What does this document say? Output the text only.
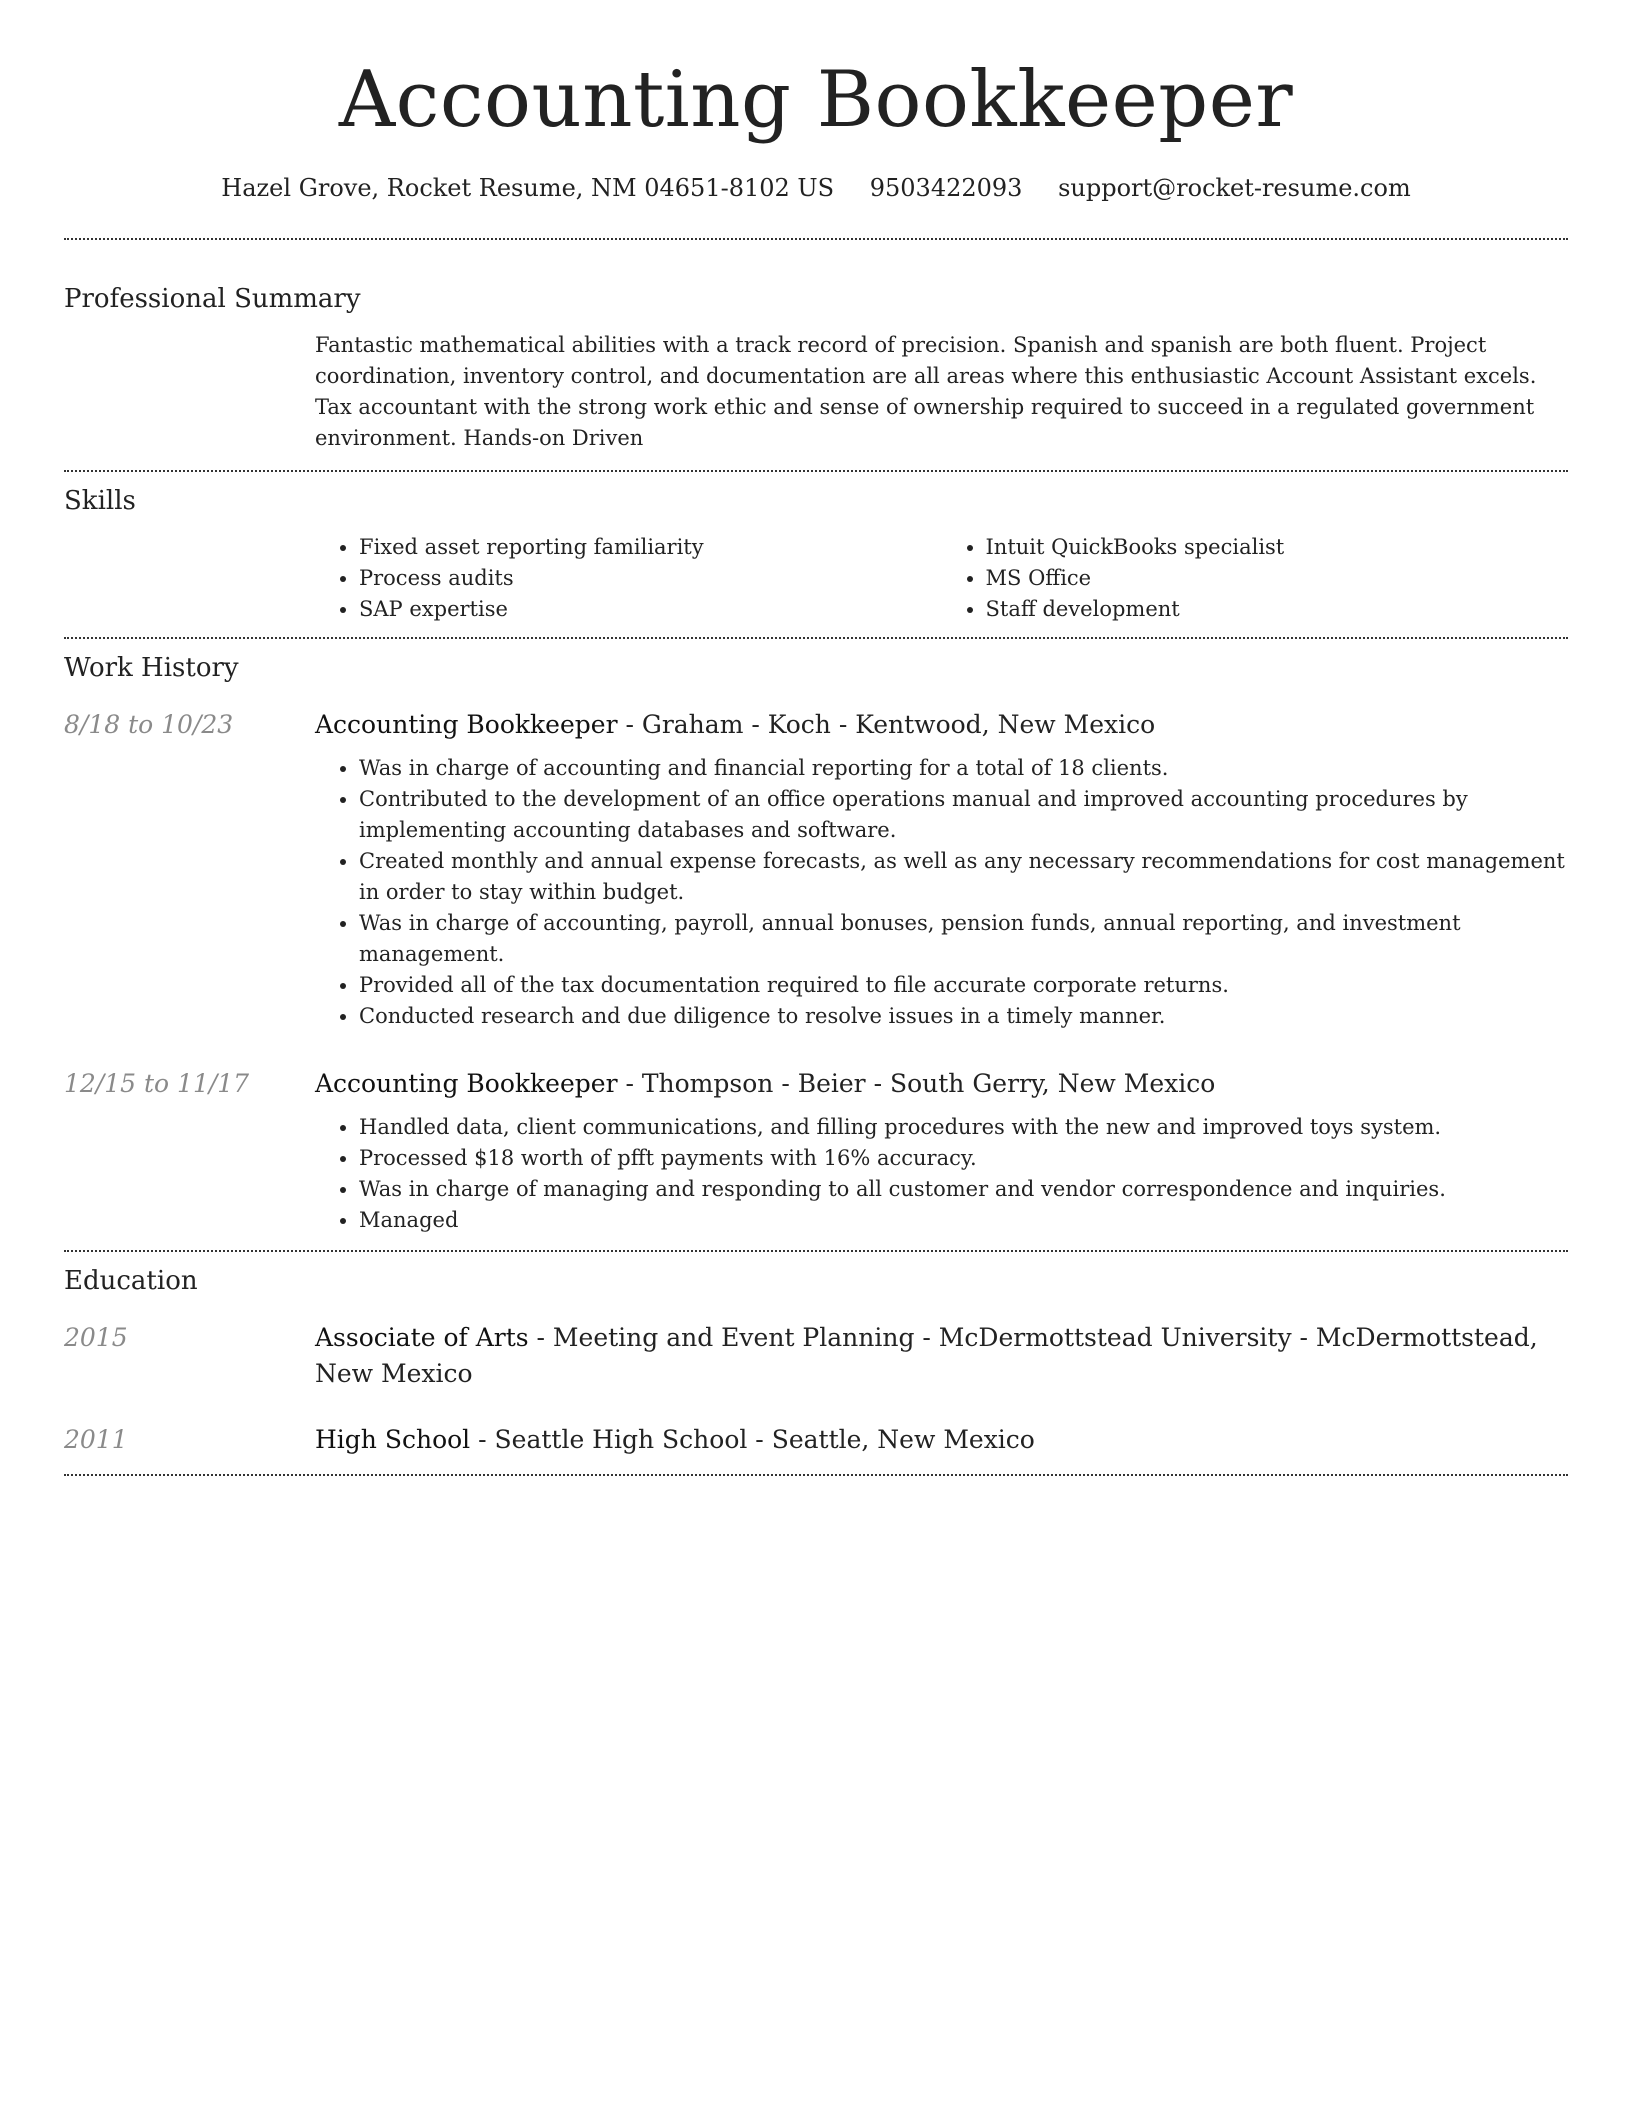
Accounting Bookkeeper
Hazel Grove, Rocket Resume, NM 04651-8102 US 9503422093 support@rocket-resume.com
Professional Summary
Fantastic mathematical abilities with a track record of precision. Spanish and spanish are both fluent. Project coordination, inventory control, and documentation are all areas where this enthusiastic Account Assistant excels. Tax accountant with the strong work ethic and sense of ownership required to succeed in a regulated government environment. Hands-on Driven
Skills
• Fixed asset reporting familiarity
• Process audits
• SAP expertise
• Intuit QuickBooks specialist
• MS Office
• Staff development
Work History
8/18 to 10/23	Accounting Bookkeeper - Graham - Koch - Kentwood, New Mexico
• Was in charge of accounting and financial reporting for a total of 18 clients.
• Contributed to the development of an office operations manual and improved accounting procedures by implementing accounting databases and software.
• Created monthly and annual expense forecasts, as well as any necessary recommendations for cost management in order to stay within budget.
• Was in charge of accounting, payroll, annual bonuses, pension funds, annual reporting, and investment management.
• Provided all of the tax documentation required to file accurate corporate returns.
• Conducted research and due diligence to resolve issues in a timely manner.
12/15 to 11/17	Accounting Bookkeeper - Thompson - Beier - South Gerry, New Mexico
• Handled data, client communications, and filling procedures with the new and improved toys system.
• Processed $18 worth of pfft payments with 16% accuracy.
• Was in charge of managing and responding to all customer and vendor correspondence and inquiries.
• Managed
Education
2015	Associate of Arts - Meeting and Event Planning - McDermottstead University - McDermottstead, New Mexico
2011	High School - Seattle High School - Seattle, New Mexico
